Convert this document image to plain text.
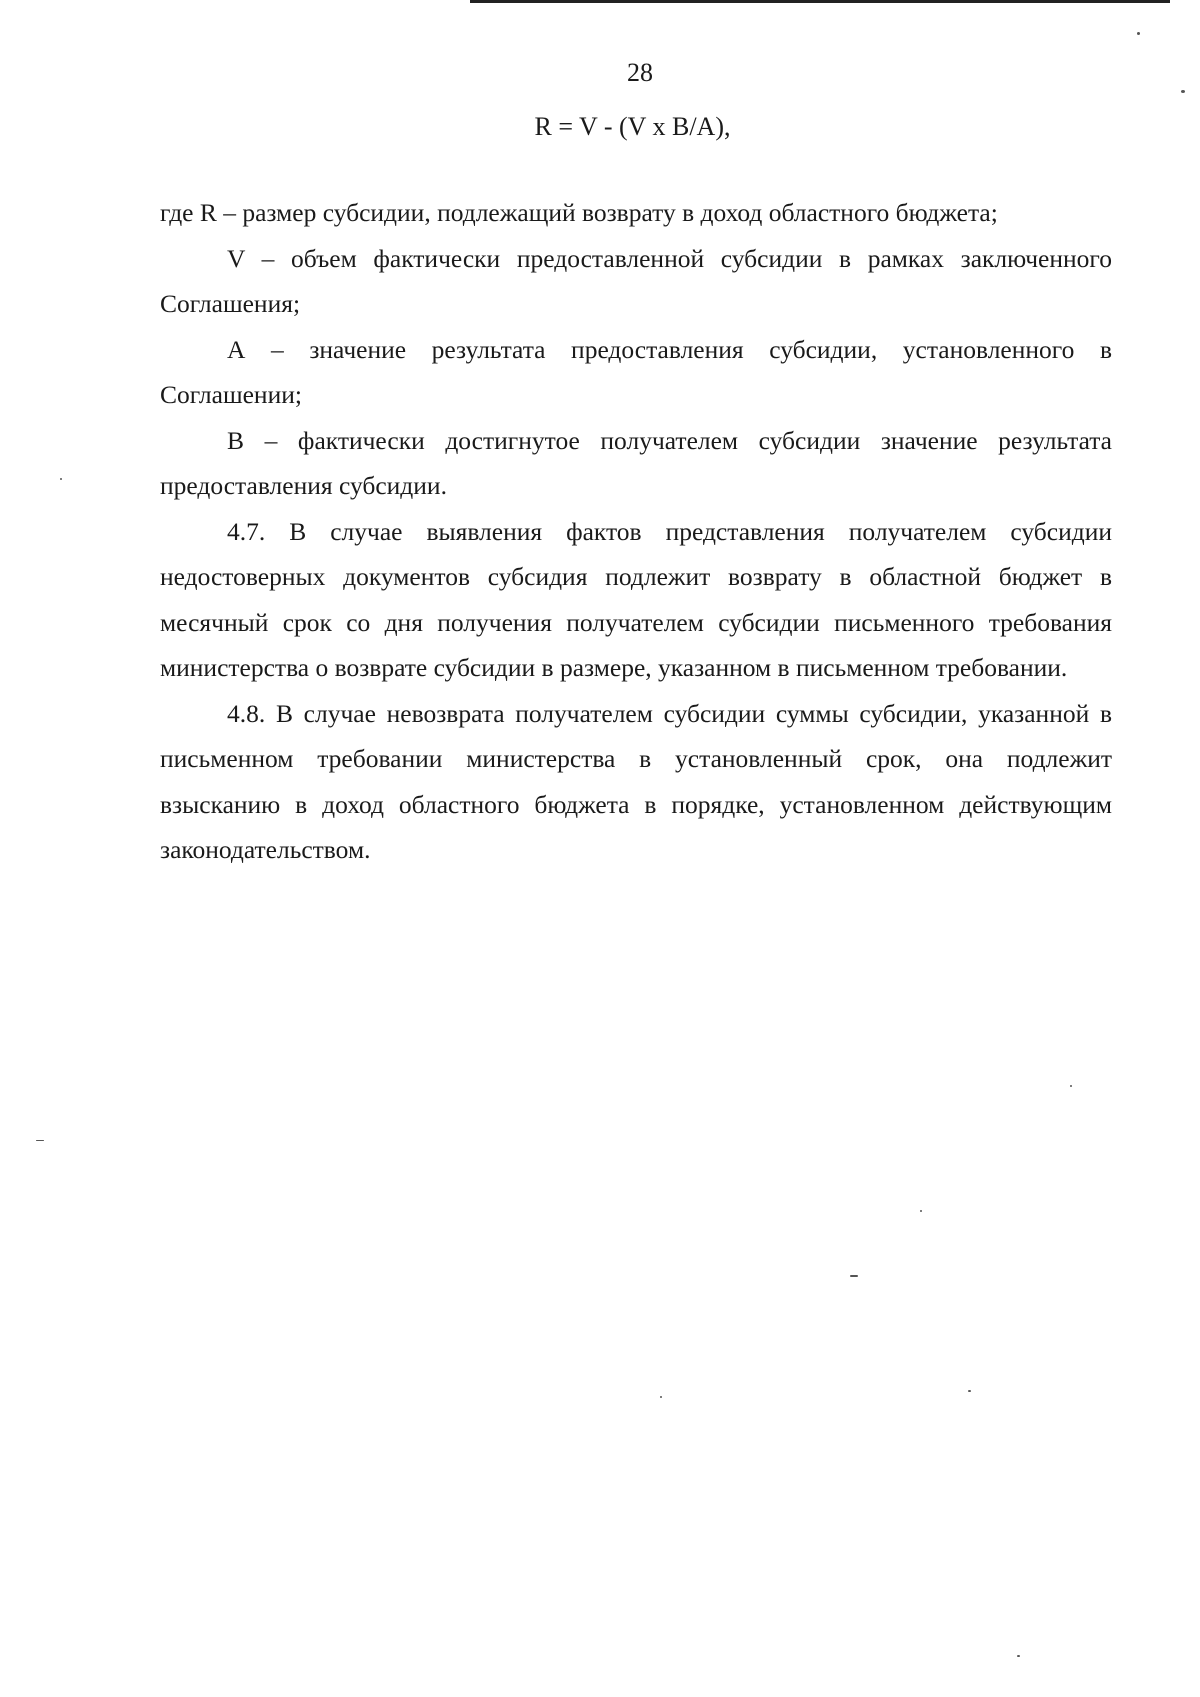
28
R = V - (V x B/A),

где R – размер субсидии, подлежащий возврату в доход областного бюджета;

V – объем фактически предоставленной субсидии в рамках заключенного Соглашения;

А – значение результата предоставления субсидии, установленного в Соглашении;

В – фактически достигнутое получателем субсидии значение результата предоставления субсидии.

4.7. В случае выявления фактов представления получателем субсидии недостоверных документов субсидия подлежит возврату в областной бюджет в месячный срок со дня получения получателем субсидии письменного требования министерства о возврате субсидии в размере, указанном в письменном требовании.

4.8. В случае невозврата получателем субсидии суммы субсидии, указанной в письменном требовании министерства в установленный срок, она подлежит взысканию в доход областного бюджета в порядке, установленном действующим законодательством.
